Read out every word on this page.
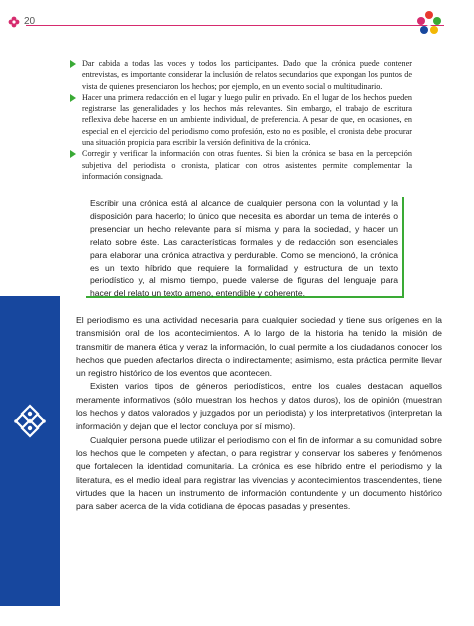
20
Dar cabida a todas las voces y todos los participantes. Dado que la crónica puede contener entrevistas, es importante considerar la inclusión de relatos secundarios que expongan los puntos de vista de quienes presenciaron los hechos; por ejemplo, en un evento social o multitudinario.
Hacer una primera redacción en el lugar y luego pulir en privado. En el lugar de los hechos pueden registrarse las generalidades y los hechos más relevantes. Sin embargo, el trabajo de escritura reflexiva debe hacerse en un ambiente individual, de preferencia. A pesar de que, en ocasiones, en especial en el ejercicio del periodismo como profesión, esto no es posible, el cronista debe procurar una situación propicia para escribir la versión definitiva de la crónica.
Corregir y verificar la información con otras fuentes. Si bien la crónica se basa en la percepción subjetiva del periodista o cronista, platicar con otros asistentes permite complementar la información consignada.
Escribir una crónica está al alcance de cualquier persona con la voluntad y la disposición para hacerlo; lo único que necesita es abordar un tema de interés o presenciar un hecho relevante para sí misma y para la sociedad, y hacer un relato sobre éste. Las características formales y de redacción son esenciales para elaborar una crónica atractiva y perdurable. Como se mencionó, la crónica es un texto híbrido que requiere la formalidad y estructura de un texto periodístico y, al mismo tiempo, puede valerse de figuras del lenguaje para hacer del relato un texto ameno, entendible y coherente.

El periodismo es una actividad necesaria para cualquier sociedad y tiene sus orígenes en la transmisión oral de los acontecimientos. A lo largo de la historia ha tenido la misión de transmitir de manera ética y veraz la información, lo cual permite a los ciudadanos conocer los hechos que pueden afectarlos directa o indirectamente; asimismo, esta práctica permite llevar un registro histórico de los eventos que acontecen.

Existen varios tipos de géneros periodísticos, entre los cuales destacan aquellos meramente informativos (sólo muestran los hechos y datos duros), los de opinión (muestran los hechos y datos valorados y juzgados por un periodista) y los interpretativos (interpretan la información y dejan que el lector concluya por sí mismo).

Cualquier persona puede utilizar el periodismo con el fin de informar a su comunidad sobre los hechos que le competen y afectan, o para registrar y conservar los saberes y fenómenos que fortalecen la identidad comunitaria. La crónica es ese híbrido entre el periodismo y la literatura, es el medio ideal para registrar las vivencias y acontecimientos trascendentes, tiene virtudes que la hacen un instrumento de información contundente y un documento histórico para saber acerca de la vida cotidiana de épocas pasadas y presentes.
